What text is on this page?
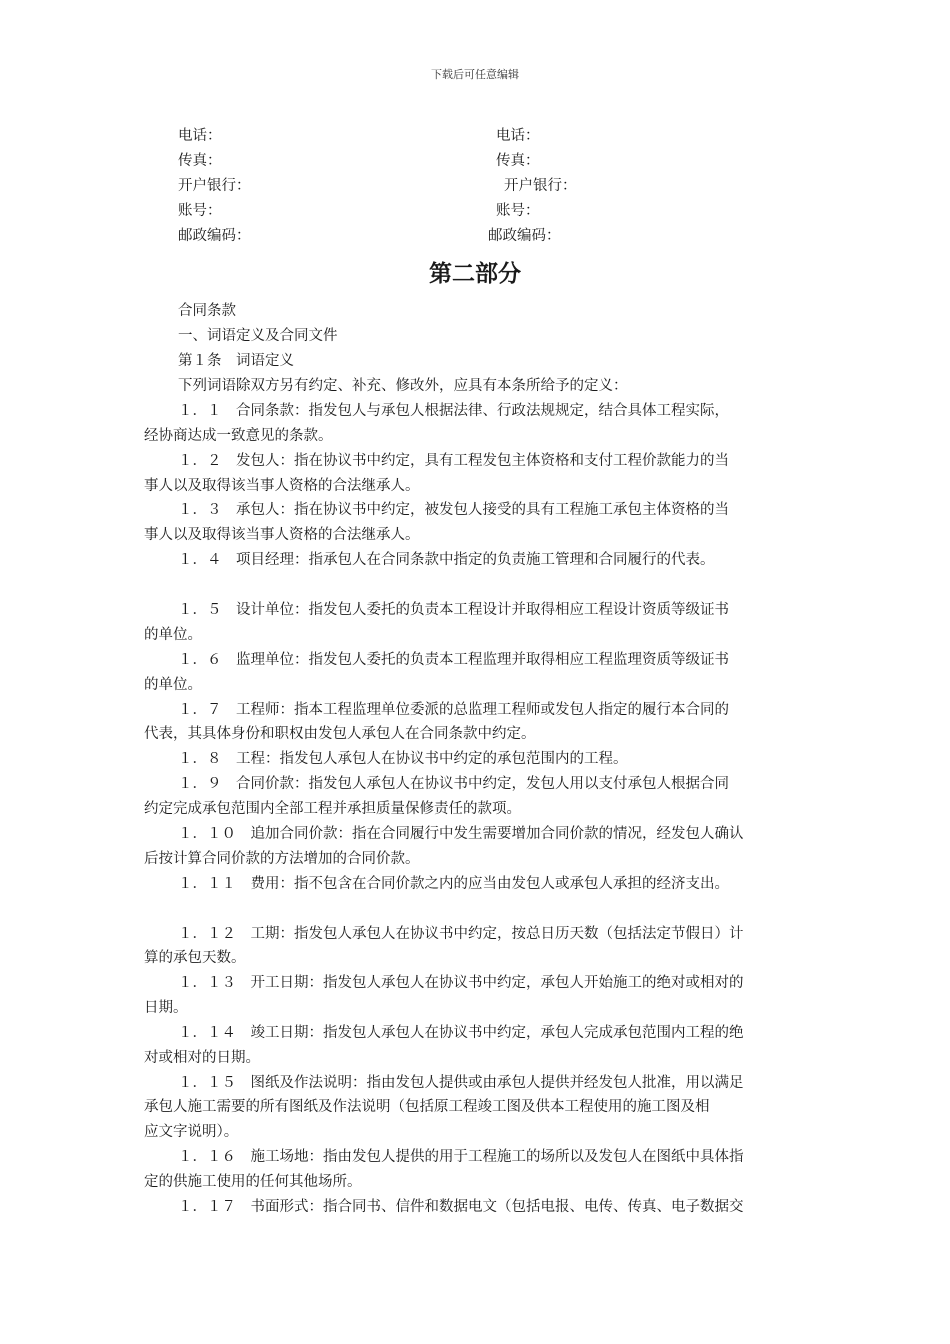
下载后可任意编辑
电话：
传真：
开户银行：
账号：
邮政编码：
电话：
传真：
开户银行：
账号：
邮政编码：
第二部分
合同条款
一、词语定义及合同文件
第１条　词语定义
下列词语除双方另有约定、补充、修改外，应具有本条所给予的定义：
１．１　合同条款：指发包人与承包人根据法律、行政法规规定，结合具体工程实际，
经协商达成一致意见的条款。
１．２　发包人：指在协议书中约定，具有工程发包主体资格和支付工程价款能力的当
事人以及取得该当事人资格的合法继承人。
１．３　承包人：指在协议书中约定，被发包人接受的具有工程施工承包主体资格的当
事人以及取得该当事人资格的合法继承人。
１．４　项目经理：指承包人在合同条款中指定的负责施工管理和合同履行的代表。
１．５　设计单位：指发包人委托的负责本工程设计并取得相应工程设计资质等级证书
的单位。
１．６　监理单位：指发包人委托的负责本工程监理并取得相应工程监理资质等级证书
的单位。
１．７　工程师：指本工程监理单位委派的总监理工程师或发包人指定的履行本合同的
代表，其具体身份和职权由发包人承包人在合同条款中约定。
１．８　工程：指发包人承包人在协议书中约定的承包范围内的工程。
１．９　合同价款：指发包人承包人在协议书中约定，发包人用以支付承包人根据合同
约定完成承包范围内全部工程并承担质量保修责任的款项。
１．１０　追加合同价款：指在合同履行中发生需要增加合同价款的情况，经发包人确认
后按计算合同价款的方法增加的合同价款。
１．１１　费用：指不包含在合同价款之内的应当由发包人或承包人承担的经济支出。
１．１２　工期：指发包人承包人在协议书中约定，按总日历天数（包括法定节假日）计
算的承包天数。
１．１３　开工日期：指发包人承包人在协议书中约定，承包人开始施工的绝对或相对的
日期。
１．１４　竣工日期：指发包人承包人在协议书中约定，承包人完成承包范围内工程的绝
对或相对的日期。
１．１５　图纸及作法说明：指由发包人提供或由承包人提供并经发包人批准，用以满足
承包人施工需要的所有图纸及作法说明（包括原工程竣工图及供本工程使用的施工图及相
应文字说明）。
１．１６　施工场地：指由发包人提供的用于工程施工的场所以及发包人在图纸中具体指
定的供施工使用的任何其他场所。
１．１７　书面形式：指合同书、信件和数据电文（包括电报、电传、传真、电子数据交
